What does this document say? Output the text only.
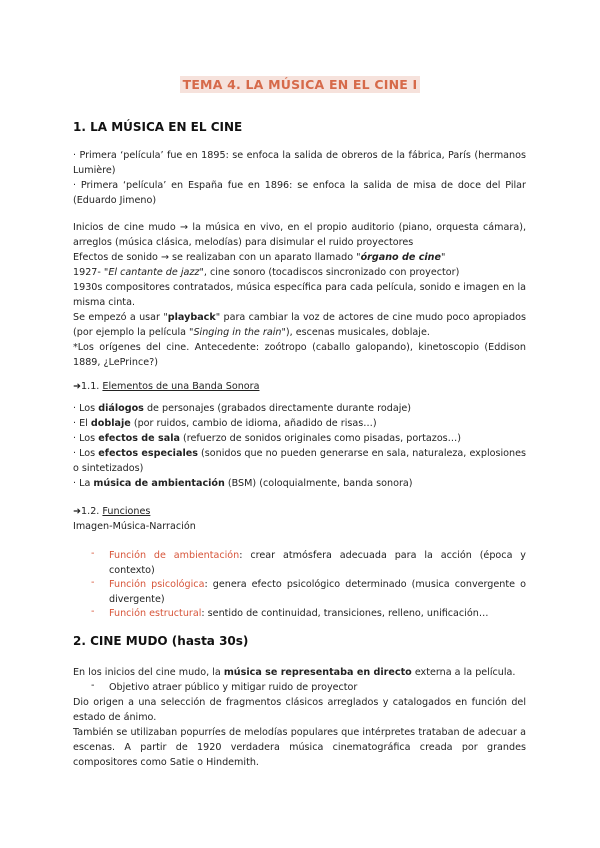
TEMA 4. LA MÚSICA EN EL CINE I
1. LA MÚSICA EN EL CINE
· Primera ‘película’ fue en 1895: se enfoca la salida de obreros de la fábrica, París (hermanos Lumière)
· Primera ‘película’ en España fue en 1896: se enfoca la salida de misa de doce del Pilar (Eduardo Jimeno)
Inicios de cine mudo → la música en vivo, en el propio auditorio (piano, orquesta cámara), arreglos (música clásica, melodías) para disimular el ruido proyectores
Efectos de sonido → se realizaban con un aparato llamado "órgano de cine"
1927- "El cantante de jazz", cine sonoro (tocadiscos sincronizado con proyector)
1930s compositores contratados, música específica para cada película, sonido e imagen en la misma cinta.
Se empezó a usar "playback" para cambiar la voz de actores de cine mudo poco apropiados (por ejemplo la película "Singing in the rain"), escenas musicales, doblaje.
*Los orígenes del cine. Antecedente: zoótropo (caballo galopando), kinetoscopio (Eddison 1889, ¿LePrince?)
➜1.1. Elementos de una Banda Sonora
· Los diálogos de personajes (grabados directamente durante rodaje)
· El doblaje (por ruidos, cambio de idioma, añadido de risas…)
· Los efectos de sala (refuerzo de sonidos originales como pisadas, portazos…)
· Los efectos especiales (sonidos que no pueden generarse en sala, naturaleza, explosiones o sintetizados)
· La música de ambientación (BSM) (coloquialmente, banda sonora)
➜1.2. Funciones
Imagen-Música-Narración
- Función de ambientación: crear atmósfera adecuada para la acción (época y contexto)
- Función psicológica: genera efecto psicológico determinado (musica convergente o divergente)
- Función estructural: sentido de continuidad, transiciones, relleno, unificación…
2. CINE MUDO (hasta 30s)
En los inicios del cine mudo, la música se representaba en directo externa a la película.
- Objetivo atraer público y mitigar ruido de proyector
Dio origen a una selección de fragmentos clásicos arreglados y catalogados en función del estado de ánimo.
También se utilizaban popurríes de melodías populares que intérpretes trataban de adecuar a escenas. A partir de 1920 verdadera música cinematográfica creada por grandes compositores como Satie o Hindemith.
